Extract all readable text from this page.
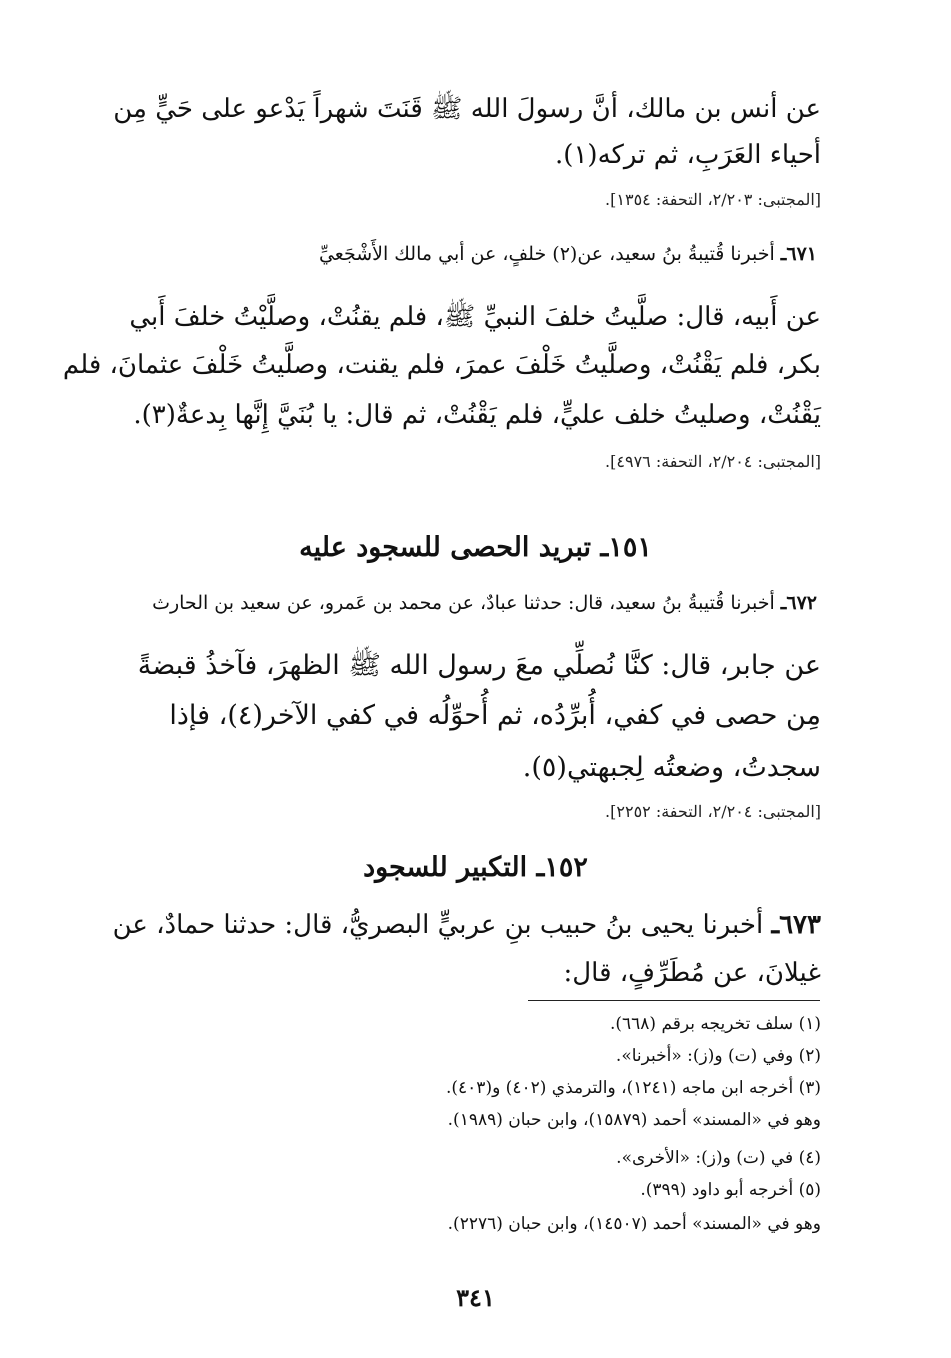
عن أنس بن مالك، أنَّ رسولَ الله ﷺ قَنَتَ شهراً يَدْعو على حَيٍّ مِن
أحياء العَرَبِ، ثم تركه(١).
[المجتبى: ٢/٢٠٣، التحفة: ١٣٥٤].
٦٧١ـ أخبرنا قُتيبةُ بنُ سعيد، عن(٢) خلفٍ، عن أبي مالك الأَشْجَعيِّ
عن أَبيه، قال: صلَّيتُ خلفَ النبيِّ ﷺ، فلم يقنُتْ، وصلَّيْتُ خلفَ أَبي
بكر، فلم يَقْنُتْ، وصلَّيتُ خَلْفَ عمرَ، فلم يقنت، وصلَّيتُ خَلْفَ عثمانَ، فلم
يَقْنُتْ، وصليتُ خلف عليٍّ، فلم يَقْنُتْ، ثم قال: يا بُنَيَّ إِنَّها بِدعةٌ(٣).
[المجتبى: ٢/٢٠٤، التحفة: ٤٩٧٦].
١٥١ـ تبريد الحصى للسجود عليه
٦٧٢ـ أخبرنا قُتيبةُ بنُ سعيد، قال: حدثنا عبادٌ، عن محمد بن عَمرو، عن سعيد بن الحارث
عن جابر، قال: كنَّا نُصلِّي معَ رسول الله ﷺ الظهرَ، فآخذُ قبضةً
مِن حصى في كفي، أُبرِّدُه، ثم أُحوِّلُه في كفي الآخر(٤)، فإذا
سجدتُ، وضعتُه لِجبهتي(٥).
[المجتبى: ٢/٢٠٤، التحفة: ٢٢٥٢].
١٥٢ـ التكبير للسجود
٦٧٣ـ أخبرنا يحيى بنُ حبيب بنِ عربيٍّ البصريُّ، قال: حدثنا حمادٌ، عن
غيلانَ، عن مُطَرِّفٍ، قال:
(١) سلف تخريجه برقم (٦٦٨).
(٢) وفي (ت) و(ز): «أخبرنا».
(٣) أخرجه ابن ماجه (١٢٤١)، والترمذي (٤٠٢) و(٤٠٣).
وهو في «المسند» أحمد (١٥٨٧٩)، وابن حبان (١٩٨٩).
(٤) في (ت) و(ز): «الأخرى».
(٥) أخرجه أبو داود (٣٩٩).
وهو في «المسند» أحمد (١٤٥٠٧)، وابن حبان (٢٢٧٦).
٣٤١
